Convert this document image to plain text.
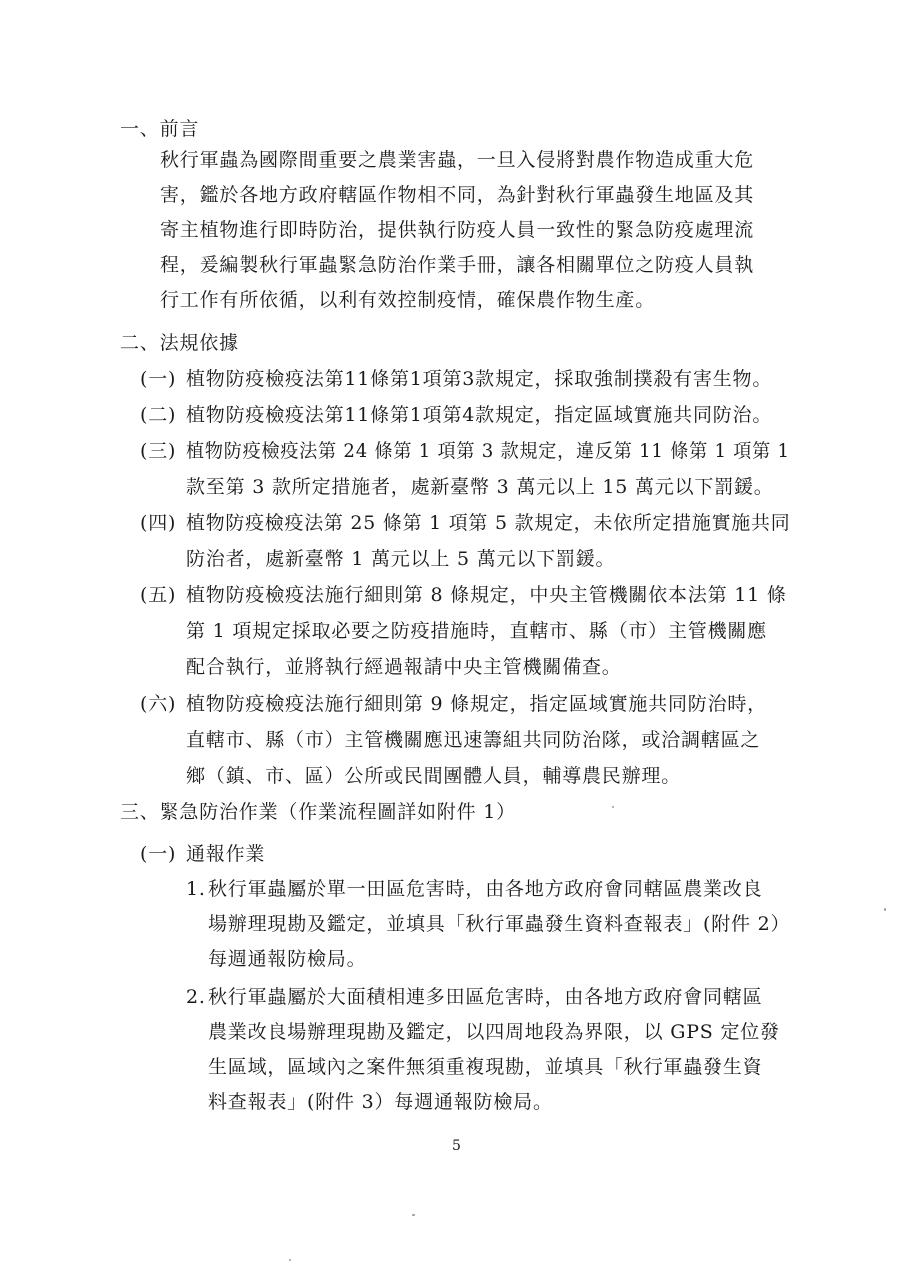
一、前言
秋行軍蟲為國際間重要之農業害蟲，一旦入侵將對農作物造成重大危
害，鑑於各地方政府轄區作物相不同，為針對秋行軍蟲發生地區及其
寄主植物進行即時防治，提供執行防疫人員一致性的緊急防疫處理流
程，爰編製秋行軍蟲緊急防治作業手冊，讓各相關單位之防疫人員執
行工作有所依循，以利有效控制疫情，確保農作物生產。
二、法規依據
(一) 植物防疫檢疫法第11條第1項第3款規定，採取強制撲殺有害生物。
(二) 植物防疫檢疫法第11條第1項第4款規定，指定區域實施共同防治。
(三) 植物防疫檢疫法第 24 條第 1 項第 3 款規定，違反第 11 條第 1 項第 1
款至第 3 款所定措施者，處新臺幣 3 萬元以上 15 萬元以下罰鍰。
(四) 植物防疫檢疫法第 25 條第 1 項第 5 款規定，未依所定措施實施共同
防治者，處新臺幣 1 萬元以上 5 萬元以下罰鍰。
(五) 植物防疫檢疫法施行細則第 8 條規定，中央主管機關依本法第 11 條
第 1 項規定採取必要之防疫措施時，直轄市、縣（市）主管機關應
配合執行，並將執行經過報請中央主管機關備查。
(六) 植物防疫檢疫法施行細則第 9 條規定，指定區域實施共同防治時，
直轄市、縣（市）主管機關應迅速籌組共同防治隊，或洽調轄區之
鄉（鎮、市、區）公所或民間團體人員，輔導農民辦理。
三、緊急防治作業（作業流程圖詳如附件 1）
(一) 通報作業
1. 秋行軍蟲屬於單一田區危害時，由各地方政府會同轄區農業改良
場辦理現勘及鑑定，並填具「秋行軍蟲發生資料查報表」(附件 2）
每週通報防檢局。
2. 秋行軍蟲屬於大面積相連多田區危害時，由各地方政府會同轄區
農業改良場辦理現勘及鑑定，以四周地段為界限，以 GPS 定位發
生區域，區域內之案件無須重複現勘，並填具「秋行軍蟲發生資
料查報表」(附件 3）每週通報防檢局。
5
